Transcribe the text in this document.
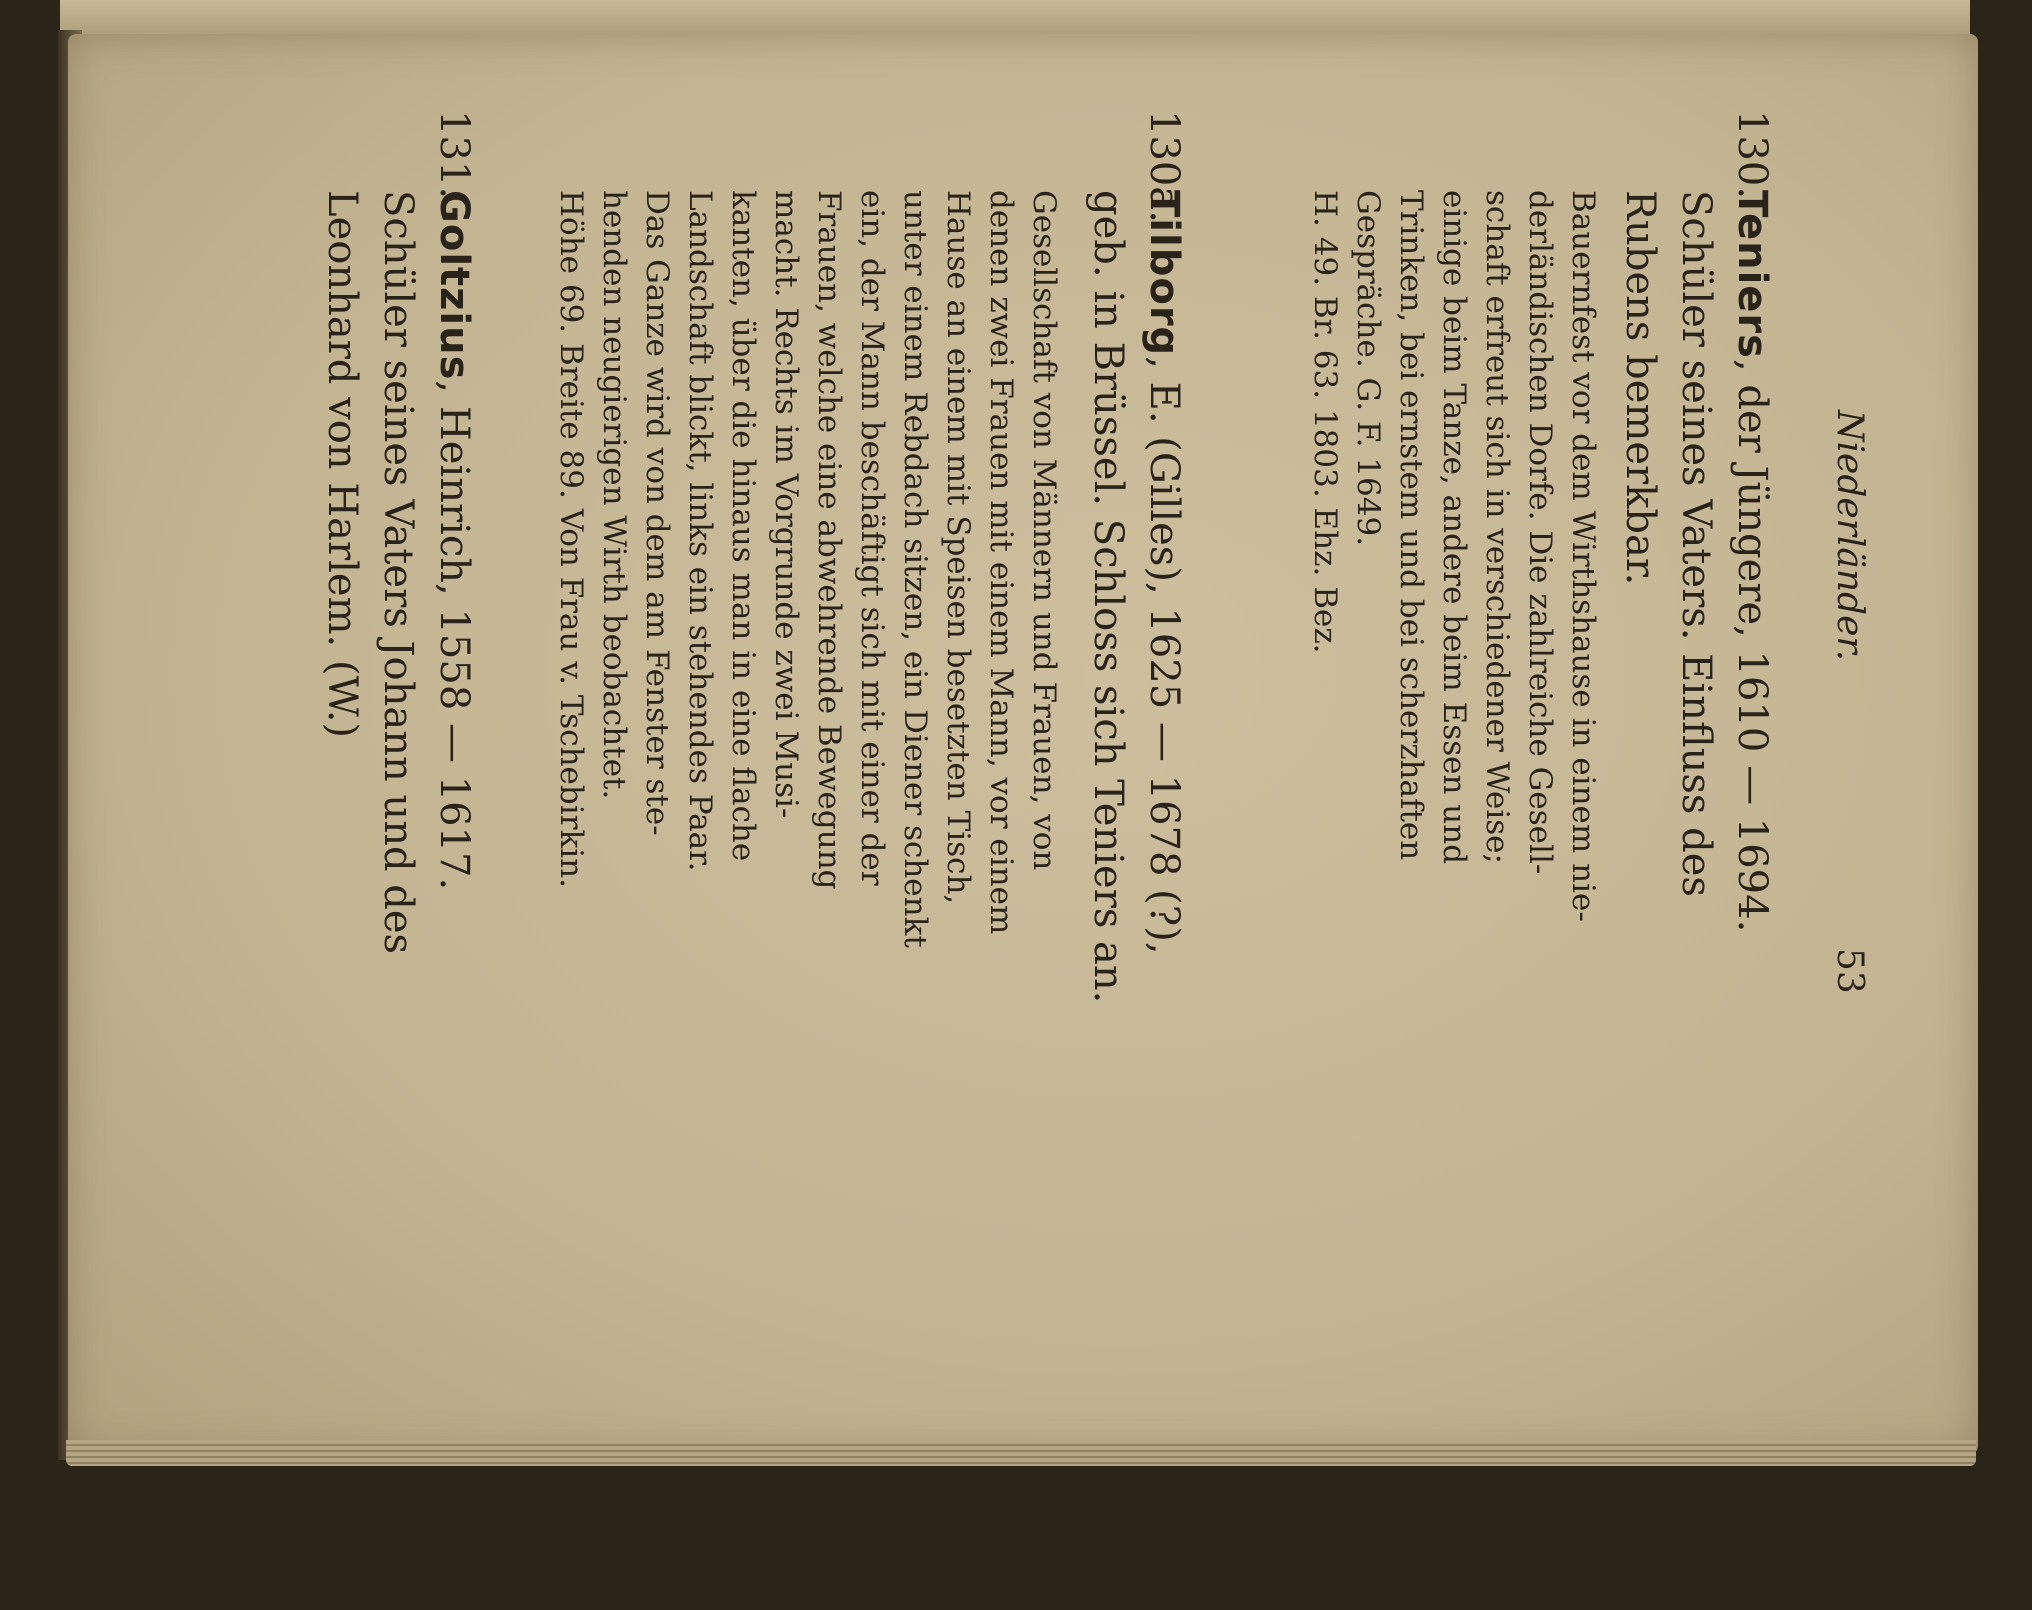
Niederländer.
53
130.Teniers, der Jüngere, 1610 — 1694.
Schüler seines Vaters. Einfluss des
Rubens bemerkbar.
Bauernfest vor dem Wirthshause in einem nie-
derländischen Dorfe. Die zahlreiche Gesell-
schaft erfreut sich in verschiedener Weise;
einige beim Tanze, andere beim Essen und
Trinken, bei ernstem und bei scherzhaften
Gespräche. G. F. 1649.
H. 49. Br. 63. 1803. Ehz. Bez.
130a.Tilborg, E. (Gilles), 1625 — 1678 (?),
geb. in Brüssel. Schloss sich Teniers an.
Gesellschaft von Männern und Frauen, von
denen zwei Frauen mit einem Mann, vor einem
Hause an einem mit Speisen besetzten Tisch,
unter einem Rebdach sitzen, ein Diener schenkt
ein, der Mann beschäftigt sich mit einer der
Frauen, welche eine abwehrende Bewegung
macht. Rechts im Vorgrunde zwei Musi-
kanten, über die hinaus man in eine flache
Landschaft blickt, links ein stehendes Paar.
Das Ganze wird von dem am Fenster ste-
henden neugierigen Wirth beobachtet.
Höhe 69. Breite 89. Von Frau v. Tschebirkin.
131.Goltzius, Heinrich, 1558 — 1617.
Schüler seines Vaters Johann und des
Leonhard von Harlem. (W.)
